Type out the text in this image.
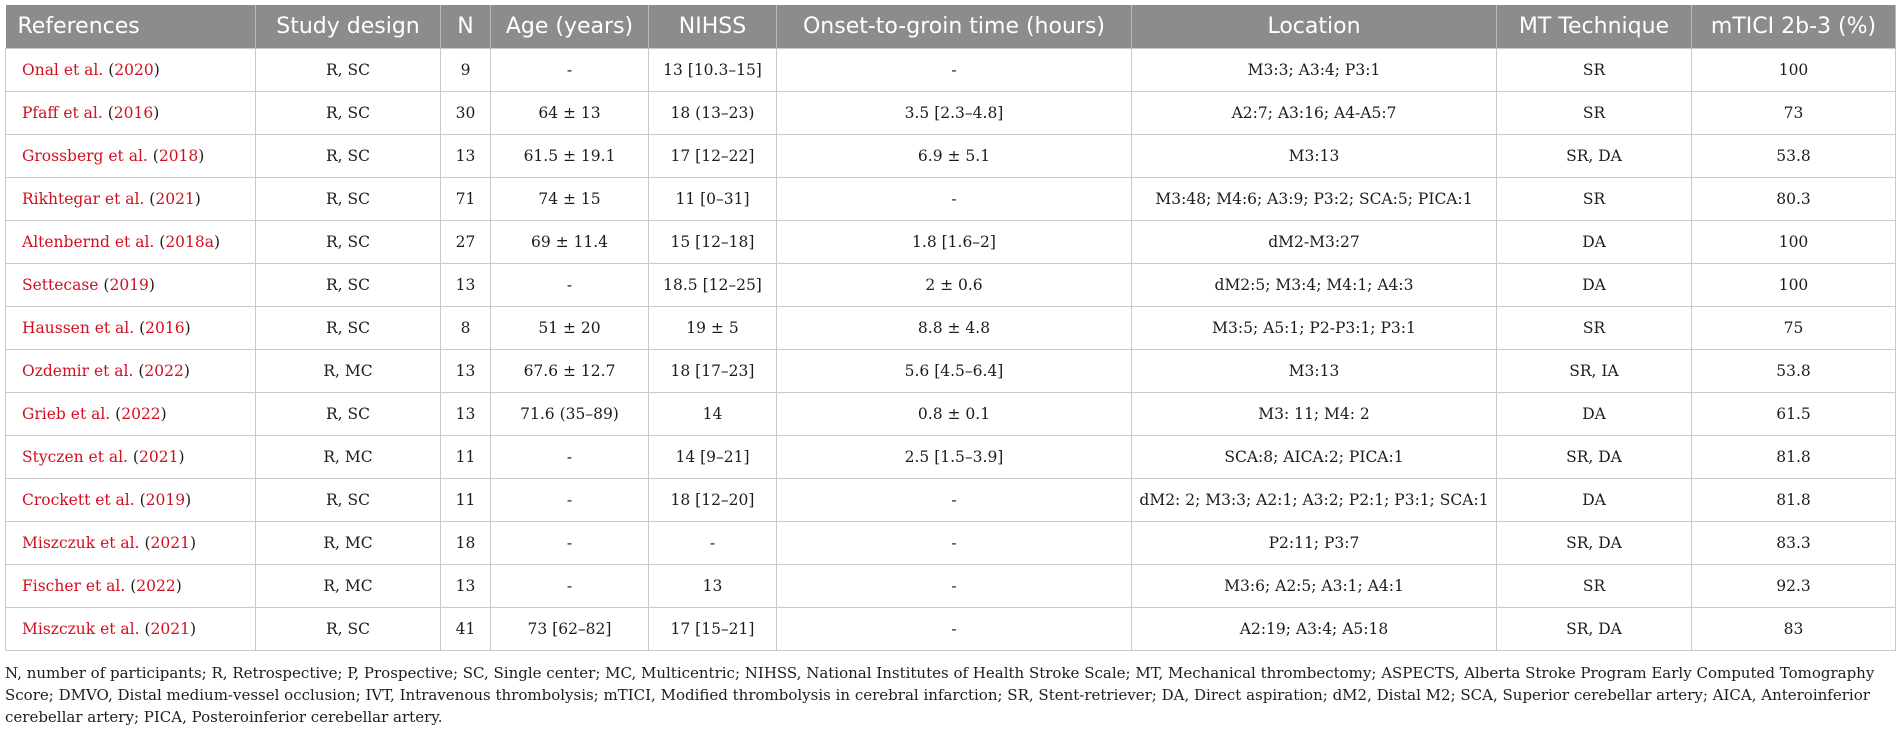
References	Study design	N	Age (years)	NIHSS	Onset-to-groin time (hours)	Location	MT Technique	mTICI 2b-3 (%)
Onal et al. (2020)	R, SC	9	-	13 [10.3–15]	-	M3:3; A3:4; P3:1	SR	100
Pfaff et al. (2016)	R, SC	30	64 ± 13	18 (13–23)	3.5 [2.3–4.8]	A2:7; A3:16; A4-A5:7	SR	73
Grossberg et al. (2018)	R, SC	13	61.5 ± 19.1	17 [12–22]	6.9 ± 5.1	M3:13	SR, DA	53.8
Rikhtegar et al. (2021)	R, SC	71	74 ± 15	11 [0–31]	-	M3:48; M4:6; A3:9; P3:2; SCA:5; PICA:1	SR	80.3
Altenbernd et al. (2018a)	R, SC	27	69 ± 11.4	15 [12–18]	1.8 [1.6–2]	dM2-M3:27	DA	100
Settecase (2019)	R, SC	13	-	18.5 [12–25]	2 ± 0.6	dM2:5; M3:4; M4:1; A4:3	DA	100
Haussen et al. (2016)	R, SC	8	51 ± 20	19 ± 5	8.8 ± 4.8	M3:5; A5:1; P2-P3:1; P3:1	SR	75
Ozdemir et al. (2022)	R, MC	13	67.6 ± 12.7	18 [17–23]	5.6 [4.5–6.4]	M3:13	SR, IA	53.8
Grieb et al. (2022)	R, SC	13	71.6 (35–89)	14	0.8 ± 0.1	M3: 11; M4: 2	DA	61.5
Styczen et al. (2021)	R, MC	11	-	14 [9–21]	2.5 [1.5–3.9]	SCA:8; AICA:2; PICA:1	SR, DA	81.8
Crockett et al. (2019)	R, SC	11	-	18 [12–20]	-	dM2: 2; M3:3; A2:1; A3:2; P2:1; P3:1; SCA:1	DA	81.8
Miszczuk et al. (2021)	R, MC	18	-	-	-	P2:11; P3:7	SR, DA	83.3
Fischer et al. (2022)	R, MC	13	-	13	-	M3:6; A2:5; A3:1; A4:1	SR	92.3
Miszczuk et al. (2021)	R, SC	41	73 [62–82]	17 [15–21]	-	A2:19; A3:4; A5:18	SR, DA	83
N, number of participants; R, Retrospective; P, Prospective; SC, Single center; MC, Multicentric; NIHSS, National Institutes of Health Stroke Scale; MT, Mechanical thrombectomy; ASPECTS, Alberta Stroke Program Early Computed Tomography Score; DMVO, Distal medium-vessel occlusion; IVT, Intravenous thrombolysis; mTICI, Modified thrombolysis in cerebral infarction; SR, Stent-retriever; DA, Direct aspiration; dM2, Distal M2; SCA, Superior cerebellar artery; AICA, Anteroinferior cerebellar artery; PICA, Posteroinferior cerebellar artery.
